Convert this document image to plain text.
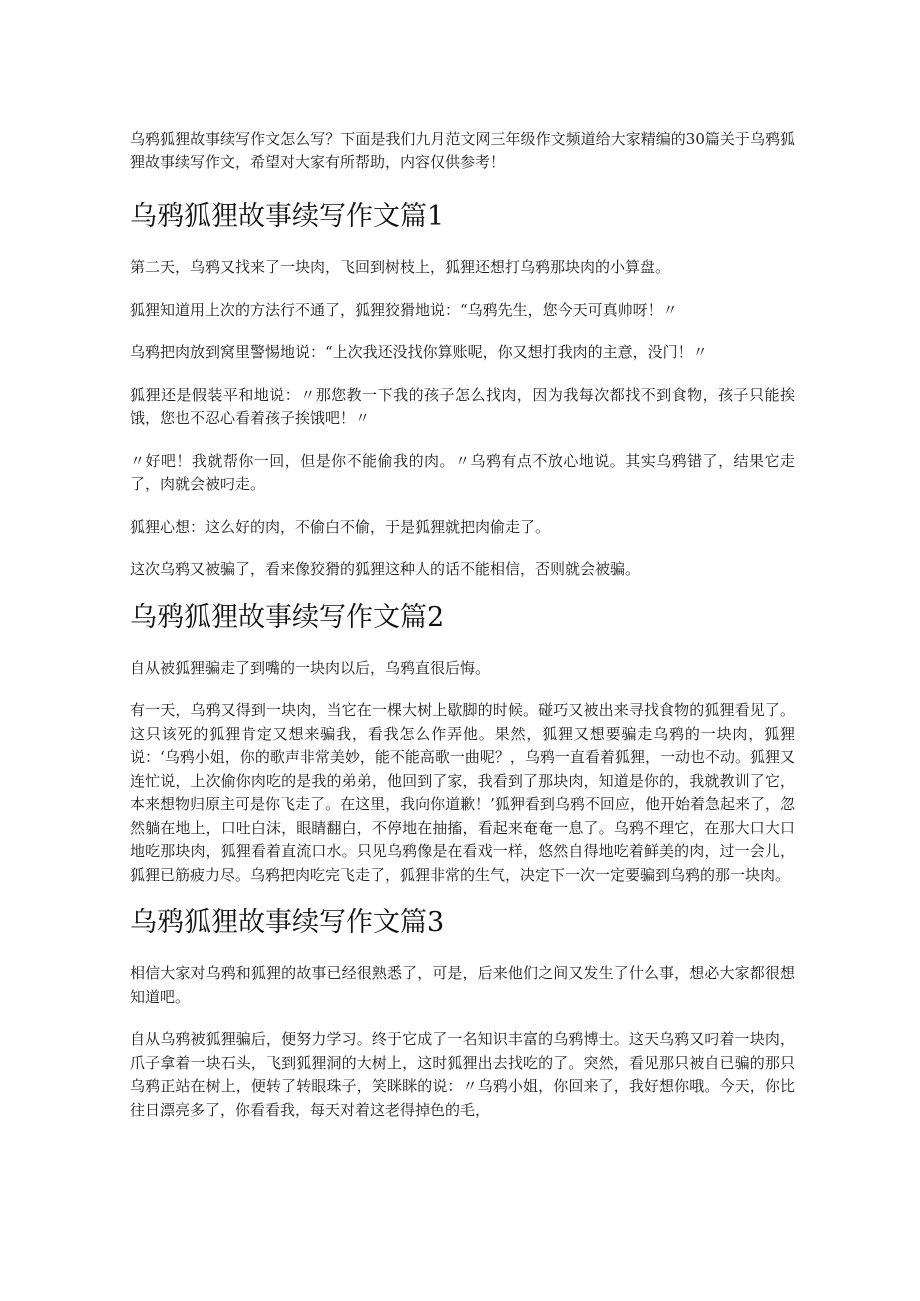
乌鸦狐狸故事续写作文怎么写？下面是我们九月范文网三年级作文频道给大家精编的30篇关于乌鸦狐狸故事续写作文，希望对大家有所帮助，内容仅供参考！

乌鸦狐狸故事续写作文篇1

第二天，乌鸦又找来了一块肉，飞回到树枝上，狐狸还想打乌鸦那块肉的小算盘。

狐狸知道用上次的方法行不通了，狐狸狡猾地说：“乌鸦先生，您今天可真帅呀！〃

乌鸦把肉放到窝里警惕地说：“上次我还没找你算账呢，你又想打我肉的主意，没门！〃

狐狸还是假装平和地说：〃那您教一下我的孩子怎么找肉，因为我每次都找不到食物，孩子只能挨饿，您也不忍心看着孩子挨饿吧！〃

〃好吧！我就帮你一回，但是你不能偷我的肉。〃乌鸦有点不放心地说。其实乌鸦错了，结果它走了，肉就会被叼走。

狐狸心想：这么好的肉，不偷白不偷，于是狐狸就把肉偷走了。

这次乌鸦又被骗了，看来像狡猾的狐狸这种人的话不能相信，否则就会被骗。

乌鸦狐狸故事续写作文篇2

自从被狐狸骗走了到嘴的一块肉以后，乌鸦直很后悔。

有一天，乌鸦又得到一块肉，当它在一棵大树上歇脚的时候。碰巧又被出来寻找食物的狐狸看见了。这只该死的狐狸肯定又想来骗我，看我怎么作弄他。果然，狐狸又想要骗走乌鸦的一块肉，狐狸说：‘乌鸦小姐，你的歌声非常美妙，能不能高歌一曲呢？，乌鸦一直看着狐狸，一动也不动。狐狸又连忙说，上次偷你肉吃的是我的弟弟，他回到了家，我看到了那块肉，知道是你的，我就教训了它，本来想物归原主可是你飞走了。在这里，我向你道歉！’狐狎看到乌鸦不回应，他开始着急起来了，忽然躺在地上，口吐白沫，眼睛翻白，不停地在抽搐，看起来奄奄一息了。乌鸦不理它，在那大口大口地吃那块肉，狐狸看着直流口水。只见乌鸦像是在看戏一样，悠然自得地吃着鲜美的肉，过一会儿，狐狸已筋疲力尽。乌鸦把肉吃完飞走了，狐狸非常的生气，决定下一次一定要骗到乌鸦的那一块肉。

乌鸦狐狸故事续写作文篇3

相信大家对乌鸦和狐狸的故事已经很熟悉了，可是，后来他们之间又发生了什么事，想必大家都很想知道吧。

自从乌鸦被狐狸骗后，便努力学习。终于它成了一名知识丰富的乌鸦博士。这天乌鸦又叼着一块肉，爪子拿着一块石头，飞到狐狸洞的大树上，这时狐狸出去找吃的了。突然，看见那只被自已骗的那只乌鸦正站在树上，便转了转眼珠子，笑眯眯的说：〃乌鸦小姐，你回来了，我好想你哦。今天，你比往日漂亮多了，你看看我，每天对着这老得掉色的毛，
